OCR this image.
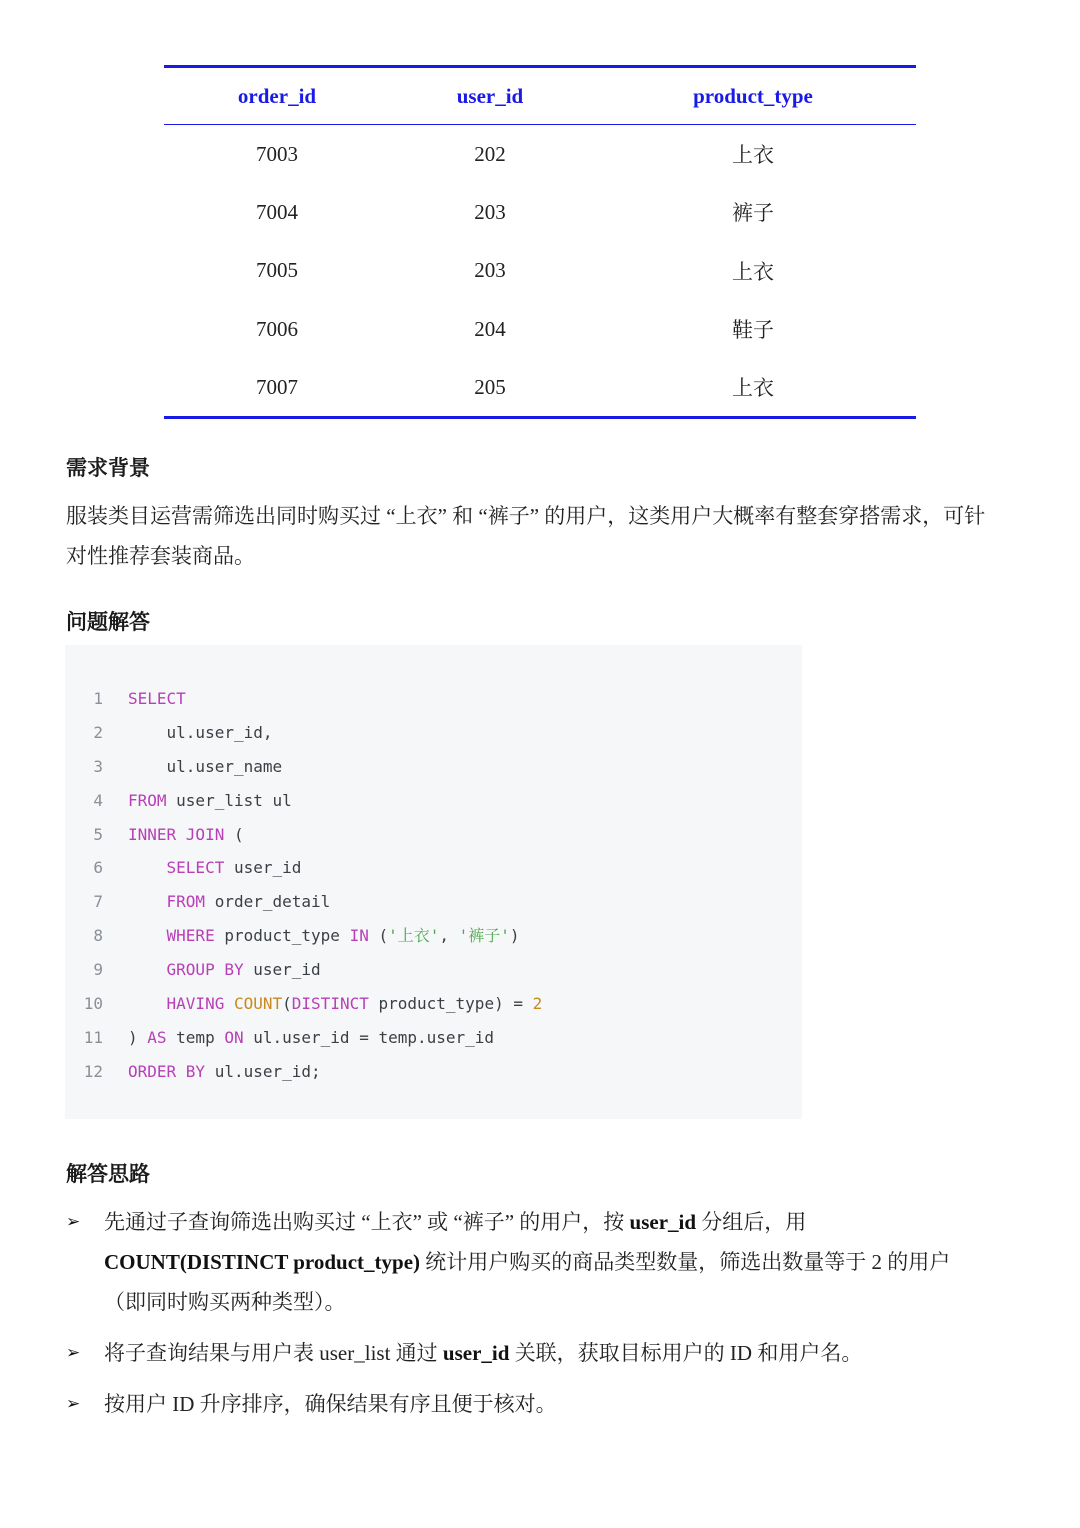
order_id	user_id	product_type
7003	202	上衣
7004	203	裤子
7005	203	上衣
7006	204	鞋子
7007	205	上衣
需求背景

服装类目运营需筛选出同时购买过 “上衣” 和 “裤子” 的用户，这类用户大概率有整套穿搭需求，可针对性推荐套装商品。

问题解答
1 SELECT
2 ul.user_id,
3 ul.user_name
4 FROM user_list ul
5 INNER JOIN (
6	SELECT user_id
7	FROM order_detail
8	WHERE product_type IN ('上衣', '裤子')
9	GROUP BY user_id
10	HAVING COUNT(DISTINCT product_type) = 2
11 ) AS temp ON ul.user_id = temp.user_id
12 ORDER BY ul.user_id;
解答思路
➢	先通过子查询筛选出购买过 “上衣” 或 “裤子” 的用户，按 user_id 分组后，用 COUNT(DISTINCT product_type) 统计用户购买的商品类型数量，筛选出数量等于 2 的用户（即同时购买两种类型）。
➢	将子查询结果与用户表 user_list 通过 user_id 关联，获取目标用户的 ID 和用户名。
➢	按用户 ID 升序排序，确保结果有序且便于核对。
